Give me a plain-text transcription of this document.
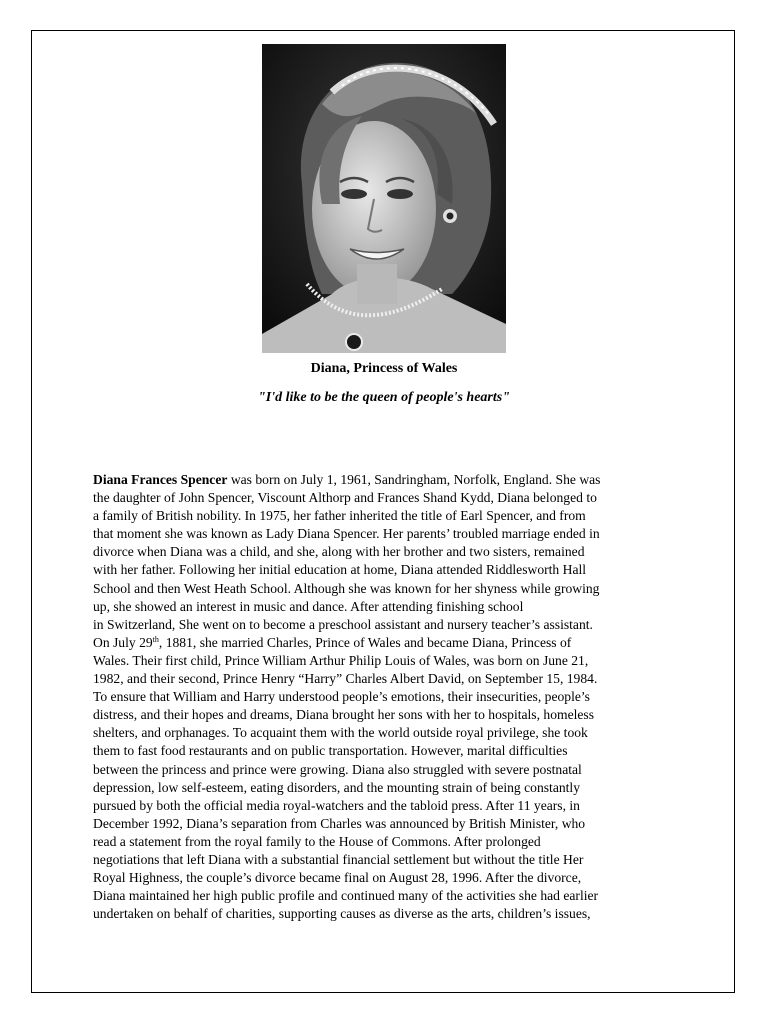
Diana, Princess of Wales
"I'd like to be the queen of people's hearts"
Diana Frances Spencer was born on July 1, 1961, Sandringham, Norfolk, England. She was
the daughter of John Spencer, Viscount Althorp and Frances Shand Kydd, Diana belonged to
a family of British nobility. In 1975, her father inherited the title of Earl Spencer, and from
that moment she was known as Lady Diana Spencer. Her parents’ troubled marriage ended in
divorce when Diana was a child, and she, along with her brother and two sisters, remained
with her father. Following her initial education at home, Diana attended Riddlesworth Hall
School and then West Heath School. Although she was known for her shyness while growing
up, she showed an interest in music and dance. After attending finishing school
in Switzerland, She went on to become a preschool assistant and nursery teacher’s assistant.
On July 29th, 1881, she married Charles, Prince of Wales and became Diana, Princess of
Wales. Their first child, Prince William Arthur Philip Louis of Wales, was born on June 21,
1982, and their second, Prince Henry “Harry” Charles Albert David, on September 15, 1984.
To ensure that William and Harry understood people’s emotions, their insecurities, people’s
distress, and their hopes and dreams, Diana brought her sons with her to hospitals, homeless
shelters, and orphanages. To acquaint them with the world outside royal privilege, she took
them to fast food restaurants and on public transportation. However, marital difficulties
between the princess and prince were growing. Diana also struggled with severe postnatal
depression, low self-esteem, eating disorders, and the mounting strain of being constantly
pursued by both the official media royal-watchers and the tabloid press. After 11 years, in
December 1992, Diana’s separation from Charles was announced by British Minister, who
read a statement from the royal family to the House of Commons. After prolonged
negotiations that left Diana with a substantial financial settlement but without the title Her
Royal Highness, the couple’s divorce became final on August 28, 1996. After the divorce,
Diana maintained her high public profile and continued many of the activities she had earlier
undertaken on behalf of charities, supporting causes as diverse as the arts, children’s issues,
